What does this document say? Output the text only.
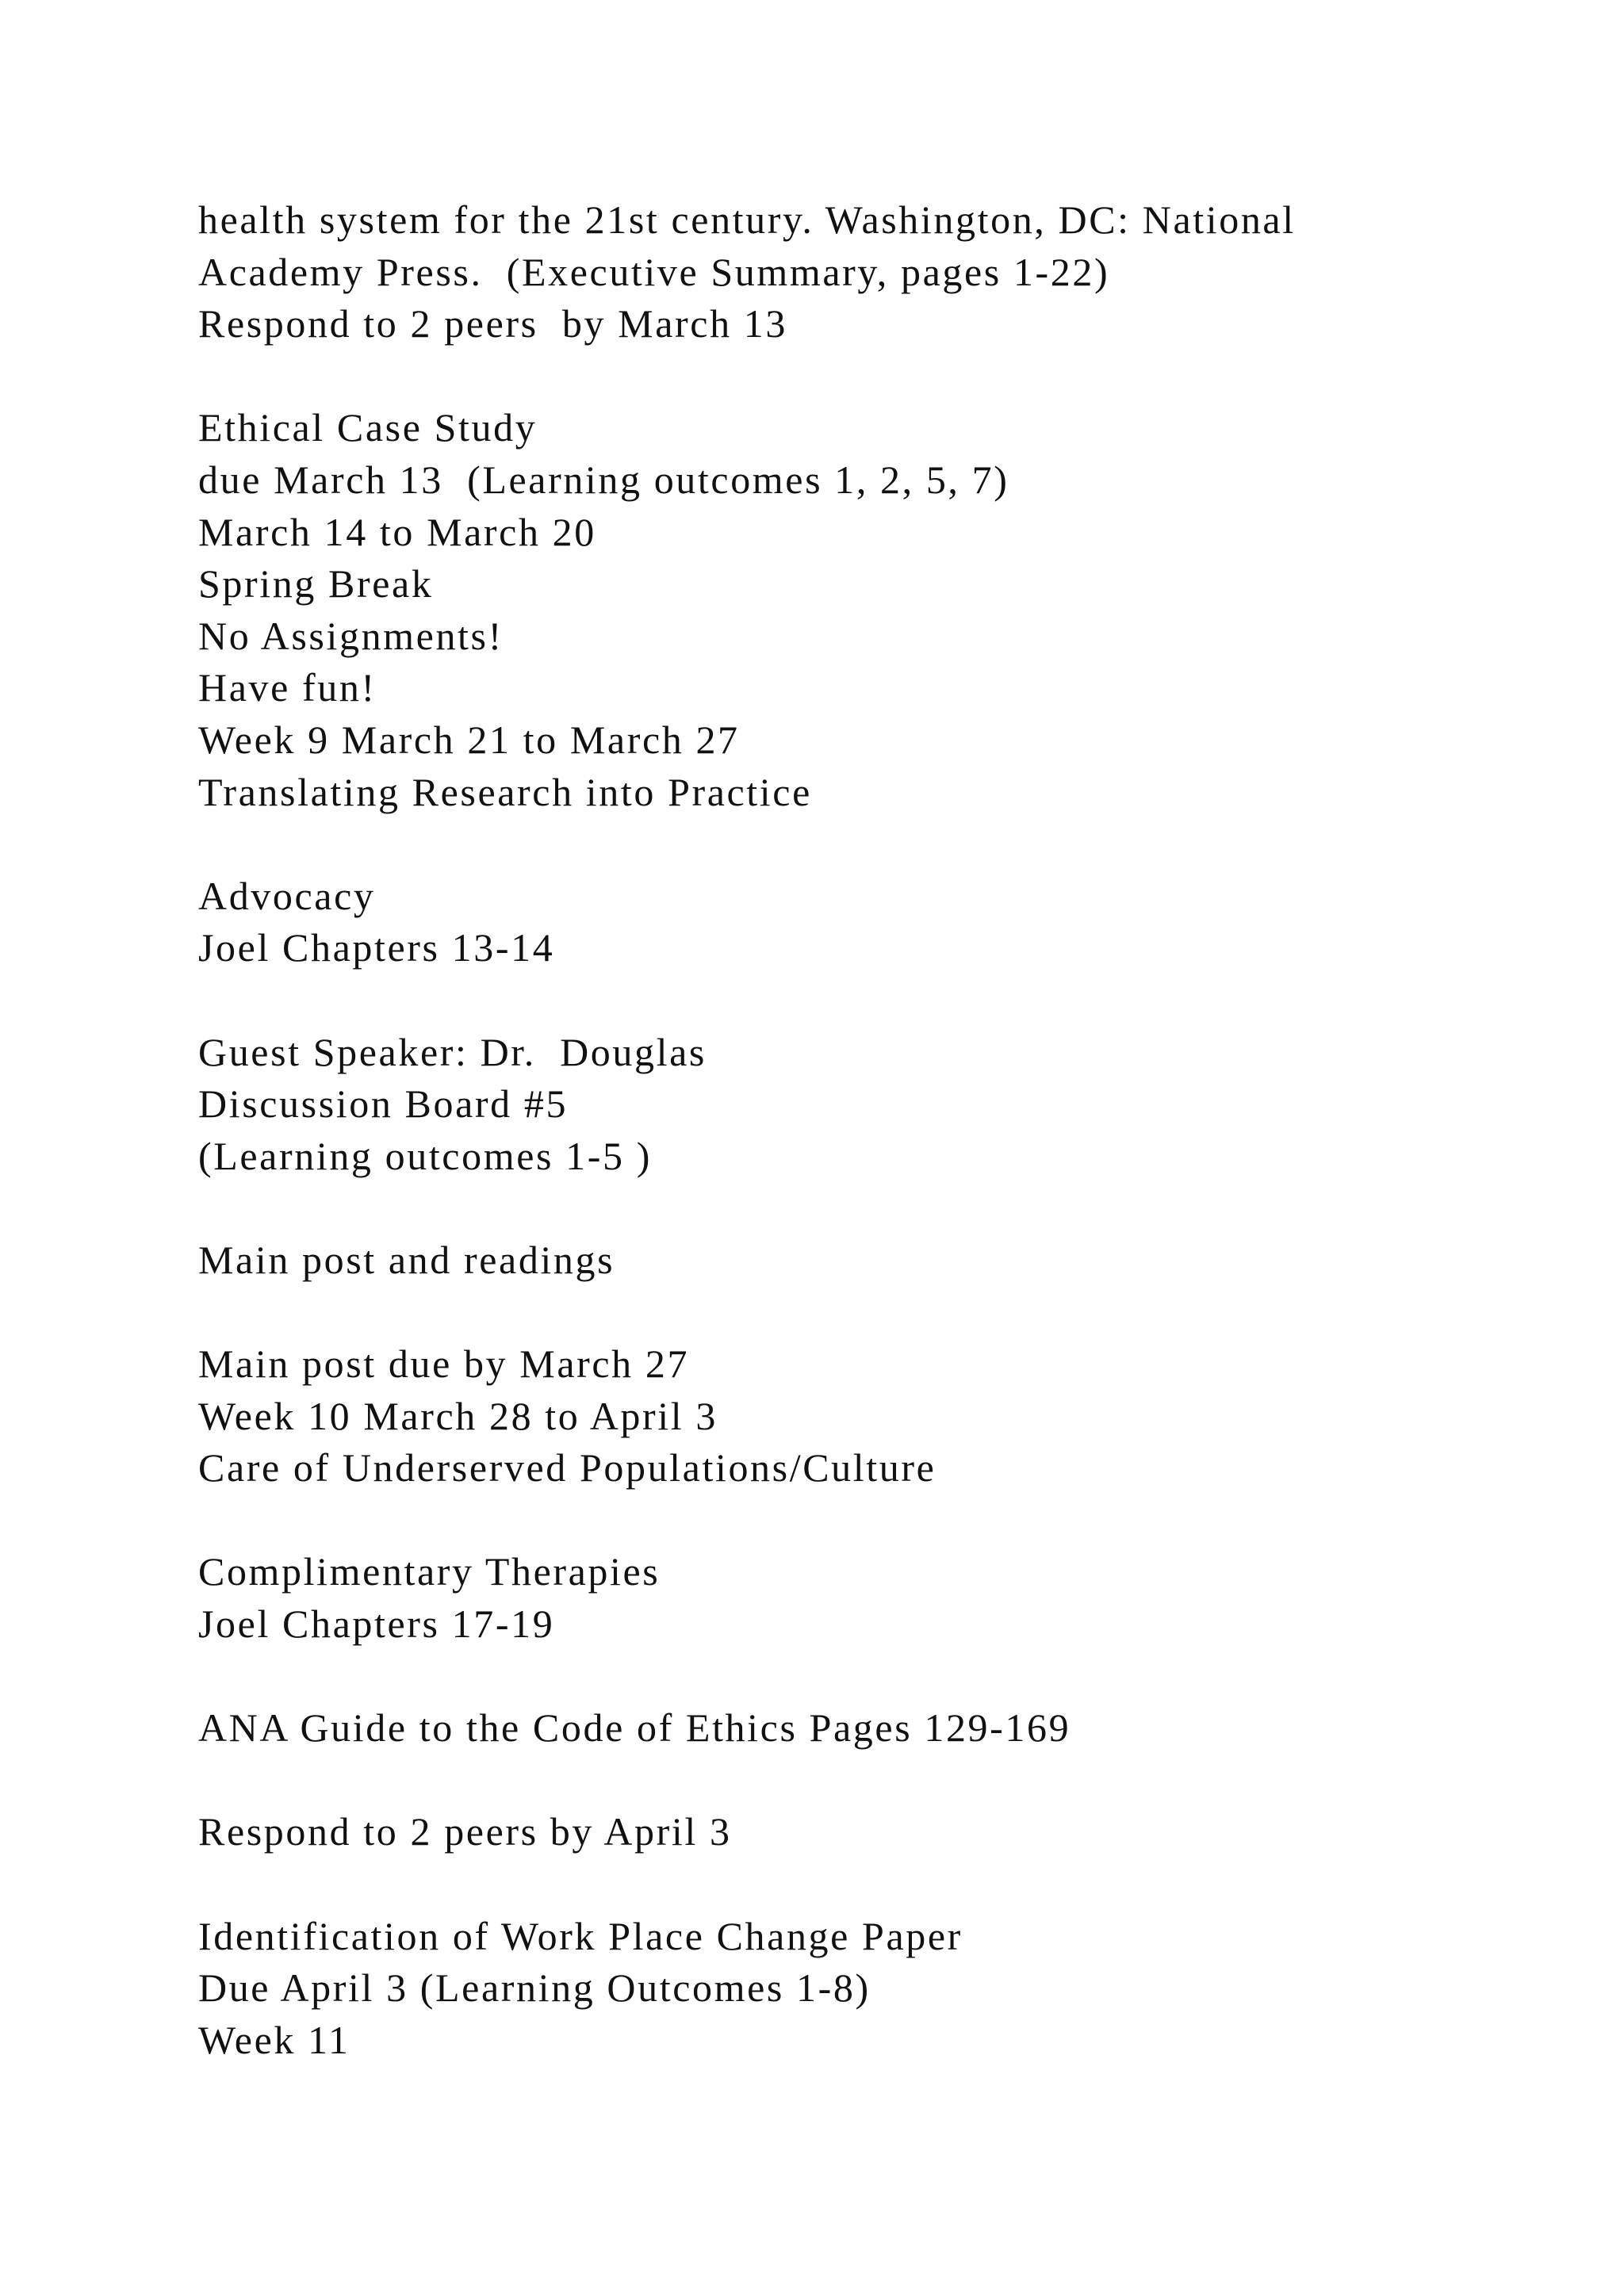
health system for the 21st century. Washington, DC: National
Academy Press.  (Executive Summary, pages 1-22)
Respond to 2 peers  by March 13
Ethical Case Study
due March 13  (Learning outcomes 1, 2, 5, 7)
March 14 to March 20
Spring Break
No Assignments!
Have fun!
Week 9 March 21 to March 27
Translating Research into Practice
Advocacy
Joel Chapters 13-14
Guest Speaker: Dr.  Douglas
Discussion Board #5
(Learning outcomes 1-5 )
Main post and readings
Main post due by March 27
Week 10 March 28 to April 3
Care of Underserved Populations/Culture
Complimentary Therapies
Joel Chapters 17-19
ANA Guide to the Code of Ethics Pages 129-169
Respond to 2 peers by April 3
Identification of Work Place Change Paper
Due April 3 (Learning Outcomes 1-8)
Week 11
